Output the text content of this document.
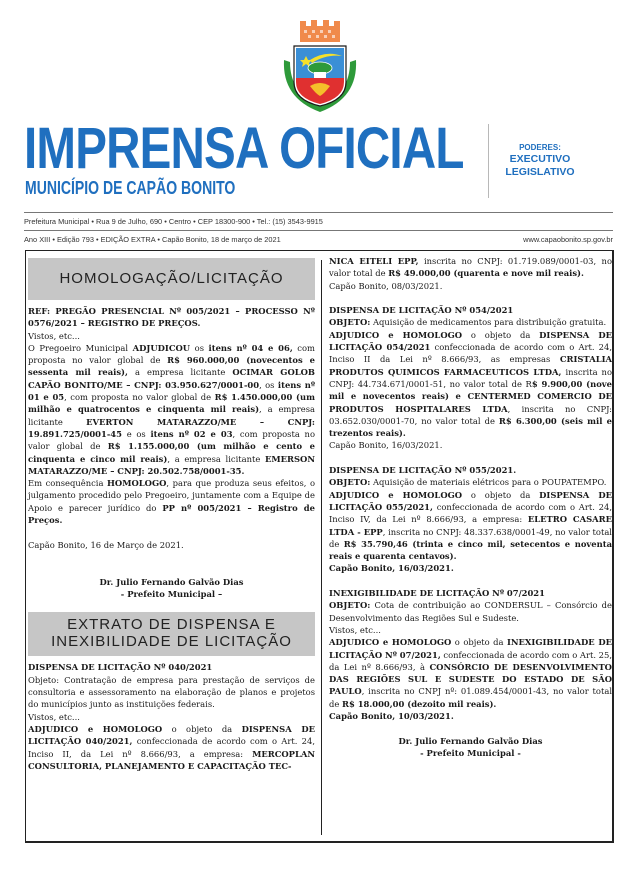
IMPRENSA OFICIAL
MUNICÍPIO DE CAPÃO BONITO
PODERES:
EXECUTIVO
LEGISLATIVO
Prefeitura Municipal • Rua 9 de Julho, 690 • Centro • CEP 18300-900 • Tel.: (15) 3543-9915
Ano XIII • Edição 793 • EDIÇÃO EXTRA • Capão Bonito, 18 de março de 2021	www.capaobonito.sp.gov.br
HOMOLOGAÇÃO/LICITAÇÃO

REF: PREGÃO PRESENCIAL Nº 005/2021 – PROCESSO Nº 0576/2021 – REGISTRO DE PREÇOS.

Vistos, etc...

O Pregoeiro Municipal ADJUDICOU os itens nº 04 e 06, com proposta no valor global de R$ 960.000,00 (novecentos e sessenta mil reais), a empresa licitante OCIMAR GOLOB CAPÃO BONITO/ME – CNPJ: 03.950.627/0001-00, os itens nº 01 e 05, com proposta no valor global de R$ 1.450.000,00 (um milhão e quatrocentos e cinquenta mil reais), a empresa licitante EVERTON MATARAZZO/ME – CNPJ: 19.891.725/0001-45 e os itens nº 02 e 03, com proposta no valor global de R$ 1.155.000,00 (um milhão e cento e cinquenta e cinco mil reais), a empresa licitante EMERSON MATARAZZO/ME – CNPJ: 20.502.758/0001-35.

Em consequência HOMOLOGO, para que produza seus efeitos, o julgamento procedido pelo Pregoeiro, juntamente com a Equipe de Apoio e parecer jurídico do PP nº 005/2021 – Registro de Preços.

Capão Bonito, 16 de Março de 2021.

Dr. Julio Fernando Galvão Dias

- Prefeito Municipal –

EXTRATO DE DISPENSA E
INEXIBILIDADE DE LICITAÇÃO

DISPENSA DE LICITAÇÃO Nº 040/2021

Objeto: Contratação de empresa para prestação de serviços de consultoria e assessoramento na elaboração de planos e projetos do municípios junto as instituições federais.

Vistos, etc...

ADJUDICO e HOMOLOGO o objeto da DISPENSA DE LICITAÇÃO 040/2021, confeccionada de acordo com o Art. 24, Inciso II, da Lei nº 8.666/93, a empresa: MERCOPLAN CONSULTORIA, PLANEJAMENTO E CAPACITAÇÃO TEC-

NICA EITELI EPP, inscrita no CNPJ: 01.719.089/0001-03, no valor total de R$ 49.000,00 (quarenta e nove mil reais).

Capão Bonito, 08/03/2021.

DISPENSA DE LICITAÇÃO Nº 054/2021

OBJETO: Aquisição de medicamentos para distribuição gratuita.

ADJUDICO e HOMOLOGO o objeto da DISPENSA DE LICITAÇÃO 054/2021 confeccionada de acordo com o Art. 24, Inciso II da Lei nº 8.666/93, as empresas CRISTALIA PRODUTOS QUIMICOS FARMACEUTICOS LTDA, inscrita no CNPJ: 44.734.671/0001-51, no valor total de R$ 9.900,00 (nove mil e novecentos reais) e CENTERMED COMERCIO DE PRODUTOS HOSPITALARES LTDA, inscrita no CNPJ: 03.652.030/0001-70, no valor total de R$ 6.300,00 (seis mil e trezentos reais).

Capão Bonito, 16/03/2021.

DISPENSA DE LICITAÇÃO Nº 055/2021.

OBJETO: Aquisição de materiais elétricos para o POUPATEMPO.

ADJUDICO e HOMOLOGO o objeto da DISPENSA DE LICITAÇÃO 055/2021, confeccionada de acordo com o Art. 24, Inciso IV, da Lei nº 8.666/93, a empresa: ELETRO CASARE LTDA - EPP, inscrita no CNPJ: 48.337.638/0001-49, no valor total de R$ 35.790,46 (trinta e cinco mil, setecentos e noventa reais e quarenta centavos).

Capão Bonito, 16/03/2021.

INEXIGIBILIDADE DE LICITAÇÃO Nº 07/2021

OBJETO: Cota de contribuição ao CONDERSUL – Consórcio de Desenvolvimento das Regiões Sul e Sudeste.

Vistos, etc...

ADJUDICO e HOMOLOGO o objeto da INEXIGIBILIDADE DE LICITAÇÃO Nº 07/2021, confeccionada de acordo com o Art. 25, da Lei nº 8.666/93, à CONSÓRCIO DE DESENVOLVIMENTO DAS REGIÕES SUL E SUDESTE DO ESTADO DE SÃO PAULO, inscrita no CNPJ nº: 01.089.454/0001-43, no valor total de R$ 18.000,00 (dezoito mil reais).

Capão Bonito, 10/03/2021.

Dr. Julio Fernando Galvão Dias

- Prefeito Municipal -
